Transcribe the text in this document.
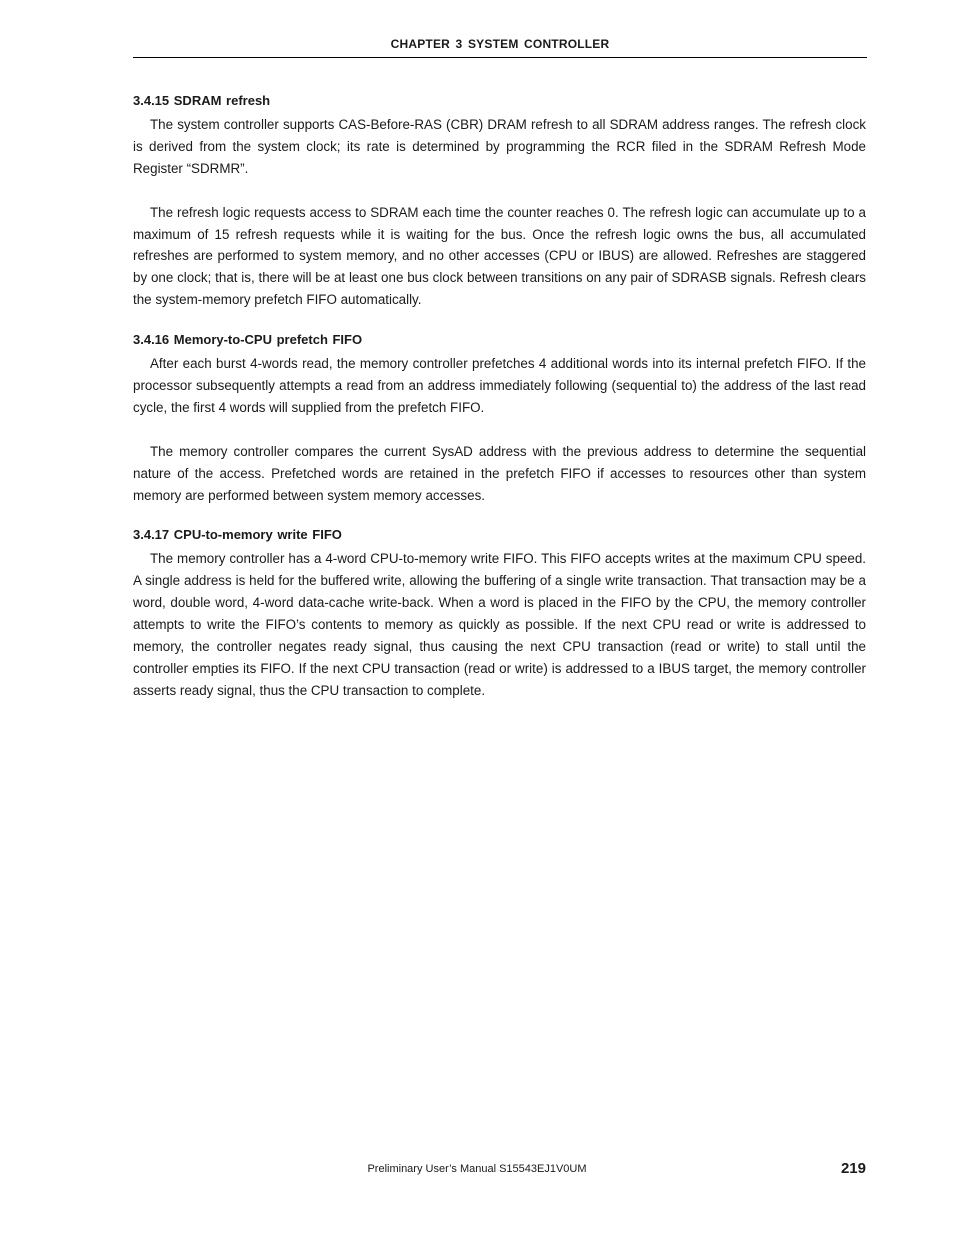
CHAPTER 3 SYSTEM CONTROLLER
3.4.15 SDRAM refresh

The system controller supports CAS-Before-RAS (CBR) DRAM refresh to all SDRAM address ranges. The refresh clock is derived from the system clock; its rate is determined by programming the RCR filed in the SDRAM Refresh Mode Register “SDRMR”.

The refresh logic requests access to SDRAM each time the counter reaches 0. The refresh logic can accumulate up to a maximum of 15 refresh requests while it is waiting for the bus. Once the refresh logic owns the bus, all accumulated refreshes are performed to system memory, and no other accesses (CPU or IBUS) are allowed. Refreshes are staggered by one clock; that is, there will be at least one bus clock between transitions on any pair of SDRASB signals. Refresh clears the system-memory prefetch FIFO automatically.

3.4.16 Memory-to-CPU prefetch FIFO

After each burst 4-words read, the memory controller prefetches 4 additional words into its internal prefetch FIFO. If the processor subsequently attempts a read from an address immediately following (sequential to) the address of the last read cycle, the first 4 words will supplied from the prefetch FIFO.

The memory controller compares the current SysAD address with the previous address to determine the sequential nature of the access. Prefetched words are retained in the prefetch FIFO if accesses to resources other than system memory are performed between system memory accesses.

3.4.17 CPU-to-memory write FIFO

The memory controller has a 4-word CPU-to-memory write FIFO. This FIFO accepts writes at the maximum CPU speed. A single address is held for the buffered write, allowing the buffering of a single write transaction. That transaction may be a word, double word, 4-word data-cache write-back. When a word is placed in the FIFO by the CPU, the memory controller attempts to write the FIFO’s contents to memory as quickly as possible. If the next CPU read or write is addressed to memory, the controller negates ready signal, thus causing the next CPU transaction (read or write) to stall until the controller empties its FIFO. If the next CPU transaction (read or write) is addressed to a IBUS target, the memory controller asserts ready signal, thus the CPU transaction to complete.

Preliminary User’s Manual S15543EJ1V0UM	219
